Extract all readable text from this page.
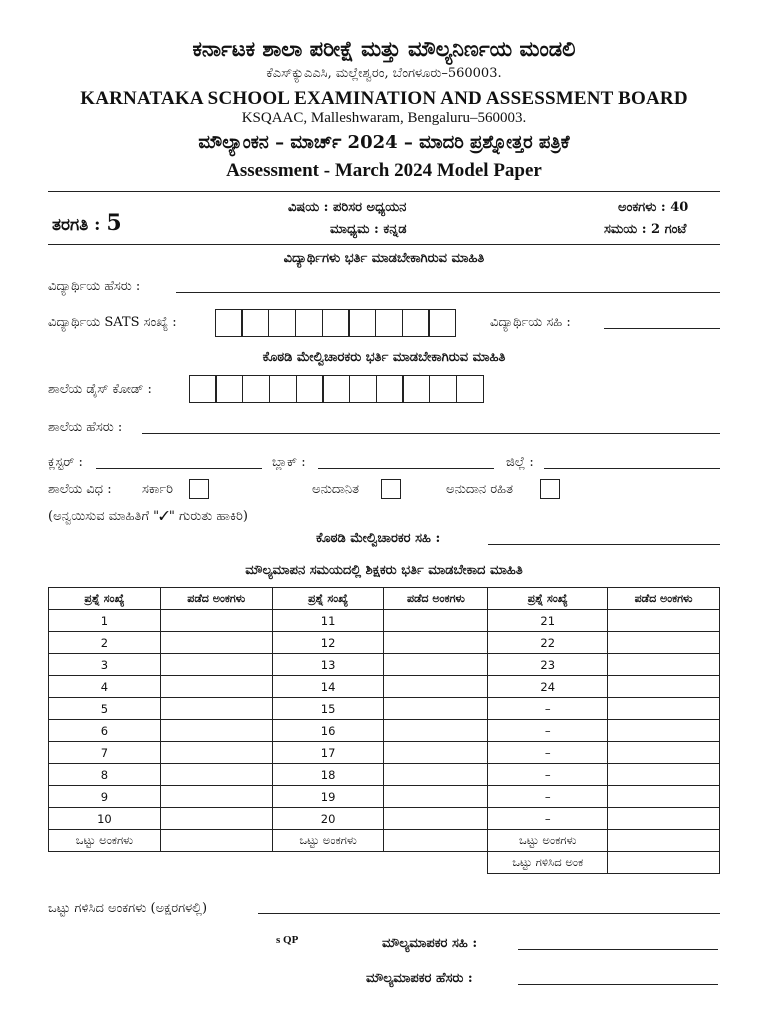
ಕರ್ನಾಟಕ ಶಾಲಾ ಪರೀಕ್ಷೆ ಮತ್ತು ಮೌಲ್ಯನಿರ್ಣಯ ಮಂಡಲಿ
ಕೆಎಸ್‌ಕ್ಯುಎಎಸಿ, ಮಲ್ಲೇಶ್ವರಂ, ಬೆಂಗಳೂರು–560003.
KARNATAKA SCHOOL EXAMINATION AND ASSESSMENT BOARD
KSQAAC, Malleshwaram, Bengaluru–560003.
ಮೌಲ್ಯಾಂಕನ – ಮಾರ್ಚ್ 2024 – ಮಾದರಿ ಪ್ರಶ್ನೋತ್ತರ ಪತ್ರಿಕೆ
Assessment - March 2024 Model Paper
ತರಗತಿ : 5
ವಿಷಯ : ಪರಿಸರ ಅಧ್ಯಯನ
ಮಾಧ್ಯಮ : ಕನ್ನಡ
ಅಂಕಗಳು : 40
ಸಮಯ : 2 ಗಂಟೆ
ವಿದ್ಯಾರ್ಥಿಗಳು ಭರ್ತಿ ಮಾಡಬೇಕಾಗಿರುವ ಮಾಹಿತಿ
ವಿದ್ಯಾರ್ಥಿಯ ಹೆಸರು :
ವಿದ್ಯಾರ್ಥಿಯ SATS ಸಂಖ್ಯೆ :	ವಿದ್ಯಾರ್ಥಿಯ ಸಹಿ :
ಕೊಠಡಿ ಮೇಲ್ವಿಚಾರಕರು ಭರ್ತಿ ಮಾಡಬೇಕಾಗಿರುವ ಮಾಹಿತಿ
ಶಾಲೆಯ ಡೈಸ್ ಕೋಡ್ :
ಶಾಲೆಯ ಹೆಸರು :
ಕ್ಲಸ್ಟರ್ :	ಬ್ಲಾಕ್ :	ಜಿಲ್ಲೆ :
ಶಾಲೆಯ ವಿಧ : ಸರ್ಕಾರಿ	ಅನುದಾನಿತ	ಅನುದಾನ ರಹಿತ
(ಅನ್ವಯಿಸುವ ಮಾಹಿತಿಗೆ "✓" ಗುರುತು ಹಾಕಿರಿ)
ಕೊಠಡಿ ಮೇಲ್ವಿಚಾರಕರ ಸಹಿ :
ಮೌಲ್ಯಮಾಪನ ಸಮಯದಲ್ಲಿ ಶಿಕ್ಷಕರು ಭರ್ತಿ ಮಾಡಬೇಕಾದ ಮಾಹಿತಿ
ಪ್ರಶ್ನೆ ಸಂಖ್ಯೆ	ಪಡೆದ ಅಂಕಗಳು	ಪ್ರಶ್ನೆ ಸಂಖ್ಯೆ	ಪಡೆದ ಅಂಕಗಳು	ಪ್ರಶ್ನೆ ಸಂಖ್ಯೆ	ಪಡೆದ ಅಂಕಗಳು
1		11		21	
2		12		22	
3		13		23	
4		14		24	
5		15		–	
6		16		–	
7		17		–	
8		18		–	
9		19		–	
10		20		–	
ಒಟ್ಟು ಅಂಕಗಳು		ಒಟ್ಟು ಅಂಕಗಳು		ಒಟ್ಟು ಅಂಕಗಳು	
				ಒಟ್ಟು ಗಳಿಸಿದ ಅಂಕ	
ಒಟ್ಟು ಗಳಿಸಿದ ಅಂಕಗಳು (ಅಕ್ಷರಗಳಲ್ಲಿ)
s QP	ಮೌಲ್ಯಮಾಪಕರ ಸಹಿ :
ಮೌಲ್ಯಮಾಪಕರ ಹೆಸರು :
